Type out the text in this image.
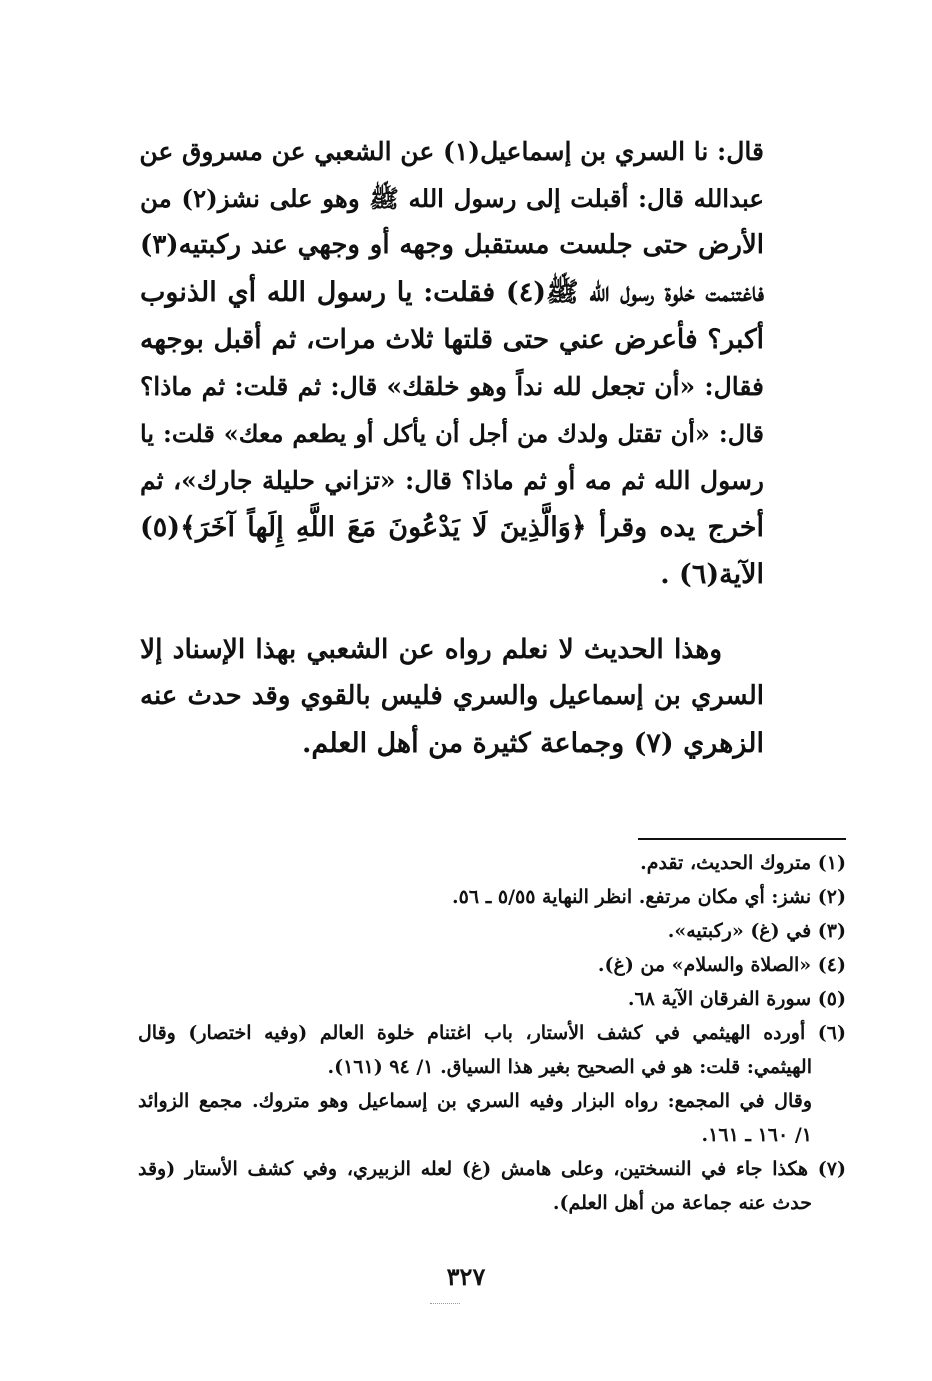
قال: نا السري بن إسماعيل(١) عن الشعبي عن مسروق عن
عبدالله قال: أقبلت إلى رسول الله ﷺ وهو على نشز(٢) من
الأرض حتى جلست مستقبل وجهه أو وجهي عند ركبتيه(٣)
فاغتنمت خلوة رسول الله ﷺ(٤) فقلت: يا رسول الله أي الذنوب
أكبر؟ فأعرض عني حتى قلتها ثلاث مرات، ثم أقبل بوجهه
فقال: «أن تجعل لله نداً وهو خلقك» قال: ثم قلت: ثم ماذا؟
قال: «أن تقتل ولدك من أجل أن يأكل أو يطعم معك» قلت: يا
رسول الله ثم مه أو ثم ماذا؟ قال: «تزاني حليلة جارك»، ثم
أخرج يده وقرأ ﴿وَالَّذِينَ لَا يَدْعُونَ مَعَ اللَّهِ إِلَهاً آخَرَ﴾(٥)
الآية(٦) .
وهذا الحديث لا نعلم رواه عن الشعبي بهذا الإسناد إلا
السري بن إسماعيل والسري فليس بالقوي وقد حدث عنه
الزهري (٧) وجماعة كثيرة من أهل العلم.
(١) متروك الحديث، تقدم.
(٢) نشز: أي مكان مرتفع. انظر النهاية ٥/٥٥ ـ ٥٦.
(٣) في (غ) «ركبتيه».
(٤) «الصلاة والسلام» من (غ).
(٥) سورة الفرقان الآية ٦٨.
(٦) أورده الهيثمي في كشف الأستار، باب اغتنام خلوة العالم (وفيه اختصار) وقال
الهيثمي: قلت: هو في الصحيح بغير هذا السياق. ١/ ٩٤ (١٦١).
وقال في المجمع: رواه البزار وفيه السري بن إسماعيل وهو متروك. مجمع الزوائد
١/ ١٦٠ ـ ١٦١.
(٧) هكذا جاء في النسختين، وعلى هامش (غ) لعله الزبيري، وفي كشف الأستار (وقد
حدث عنه جماعة من أهل العلم).
٣٢٧
